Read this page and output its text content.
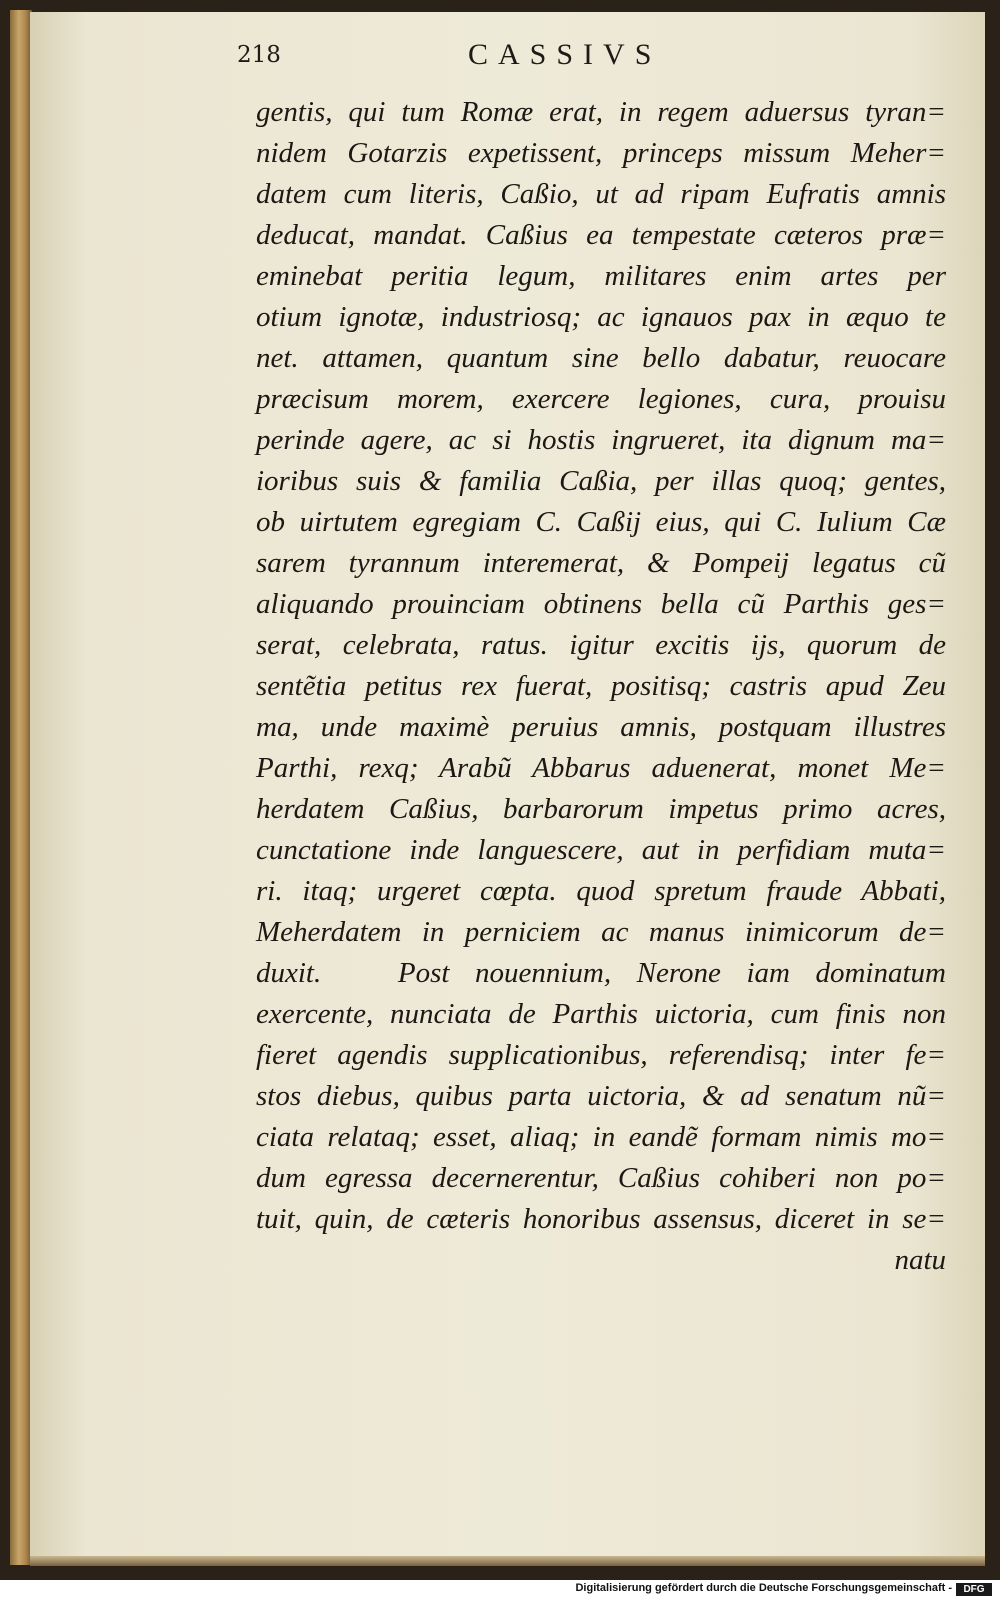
218	CASSIVS
gentis, qui tum Romæ erat, in regem aduersus tyran=
nidem Gotarzis expetissent, princeps missum Meher=
datem cum literis, Caßio, ut ad ripam Eufratis amnis
deducat, mandat. Caßius ea tempestate cæteros præ=
eminebat peritia legum, militares enim artes per
otium ignotæ, industriosq; ac ignauos pax in æquo te
net. attamen, quantum sine bello dabatur, reuocare
præcisum morem, exercere legiones, cura, prouisu
perinde agere, ac si hostis ingrueret, ita dignum ma=
ioribus suis & familia Caßia, per illas quoq; gentes,
ob uirtutem egregiam C. Caßij eius, qui C. Iulium Cæ
sarem tyrannum interemerat, & Pompeij legatus cũ
aliquando prouinciam obtinens bella cũ Parthis ges=
serat, celebrata, ratus. igitur excitis ijs, quorum de
sentẽtia petitus rex fuerat, positisq; castris apud Zeu
ma, unde maximè peruius amnis, postquam illustres
Parthi, rexq; Arabũ Abbarus aduenerat, monet Me=
herdatem Caßius, barbarorum impetus primo acres,
cunctatione inde languescere, aut in perfidiam muta=
ri. itaq; urgeret cœpta. quod spretum fraude Abbati,
Meherdatem in perniciem ac manus inimicorum de=
duxit.   Post nouennium, Nerone iam dominatum
exercente, nunciata de Parthis uictoria, cum finis non
fieret agendis supplicationibus, referendisq; inter fe=
stos diebus, quibus parta uictoria, & ad senatum nũ=
ciata relataq; esset, aliaq; in eandẽ formam nimis mo=
dum egressa decernerentur, Caßius cohiberi non po=
tuit, quin, de cæteris honoribus assensus, diceret in se=
natu
Digitalisierung gefördert durch die Deutsche Forschungsgemeinschaft -	DFG
